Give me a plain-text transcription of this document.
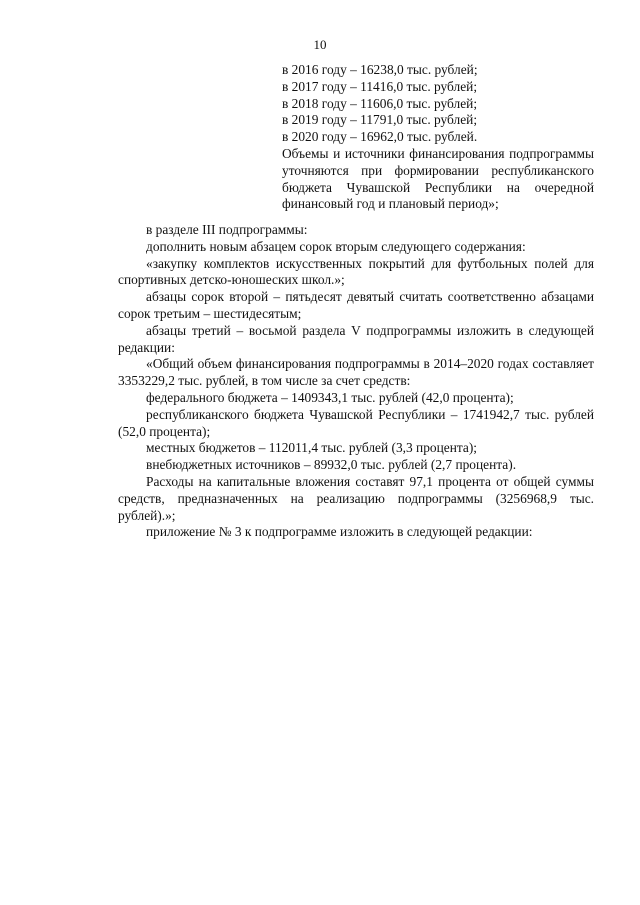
10
в 2016 году – 16238,0 тыс. рублей;
в 2017 году – 11416,0 тыс. рублей;
в 2018 году – 11606,0 тыс. рублей;
в 2019 году – 11791,0 тыс. рублей;
в 2020 году – 16962,0 тыс. рублей.
Объемы и источники финансирования подпрограммы уточняются при формировании республиканского бюджета Чувашской Республики на очередной финансовый год и плановый период»;

в разделе III подпрограммы:

дополнить новым абзацем сорок вторым следующего содержания:

«закупку комплектов искусственных покрытий для футбольных полей для спортивных детско-юношеских школ.»;

абзацы сорок второй – пятьдесят девятый считать соответственно абзацами сорок третьим – шестидесятым;

абзацы третий – восьмой раздела V подпрограммы изложить в следующей редакции:

«Общий объем финансирования подпрограммы в 2014–2020 годах составляет 3353229,2 тыс. рублей, в том числе за счет средств:

федерального бюджета – 1409343,1 тыс. рублей (42,0 процента);

республиканского бюджета Чувашской Республики – 1741942,7 тыс. рублей (52,0 процента);

местных бюджетов – 112011,4 тыс. рублей (3,3 процента);

внебюджетных источников – 89932,0 тыс. рублей (2,7 процента).

Расходы на капитальные вложения составят 97,1 процента от общей суммы средств, предназначенных на реализацию подпрограммы (3256968,9 тыс. рублей).»;

приложение № 3 к подпрограмме изложить в следующей редакции:
